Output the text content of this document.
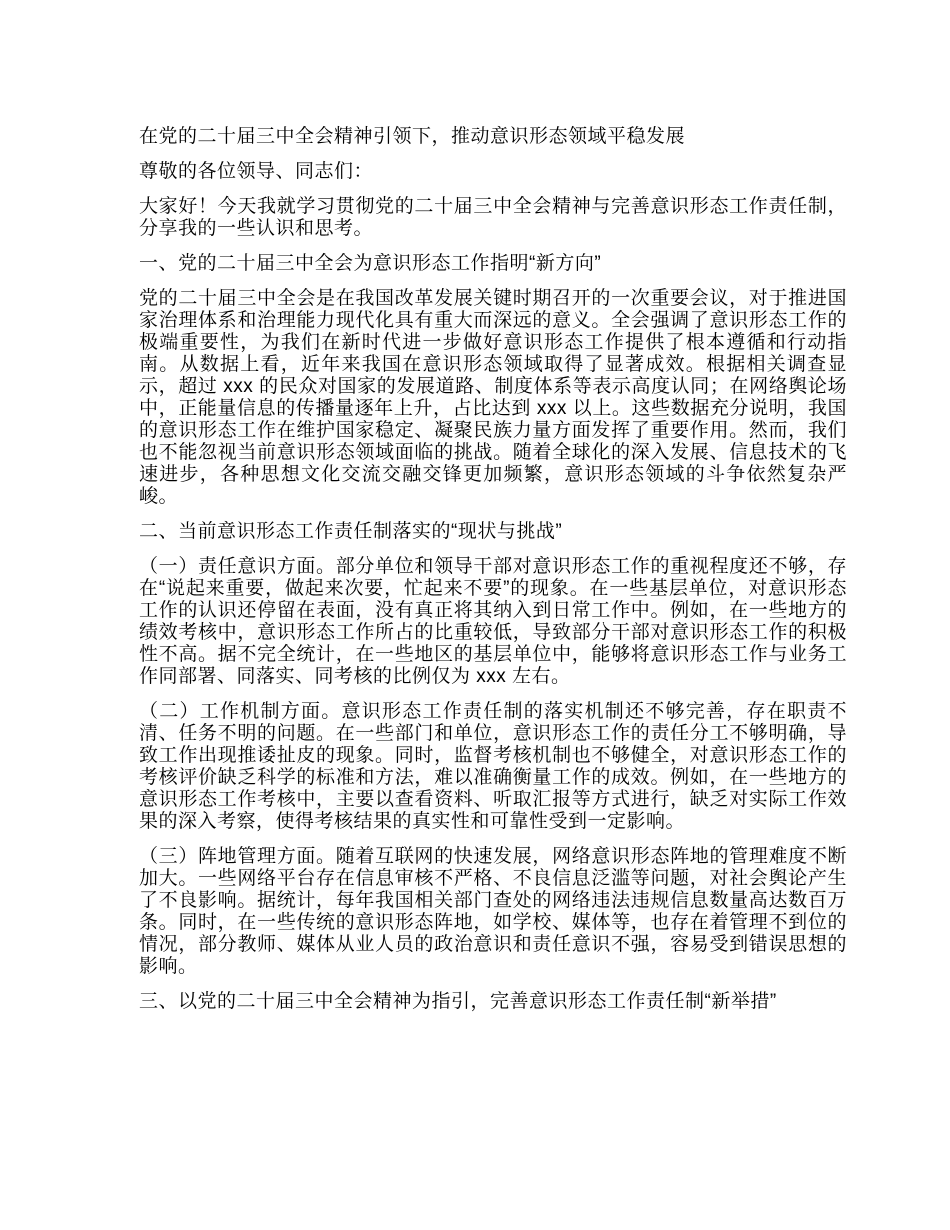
在党的二十届三中全会精神引领下，推动意识形态领域平稳发展

尊敬的各位领导、同志们：

大家好！今天我就学习贯彻党的二十届三中全会精神与完善意识形态工作责任制，分享我的一些认识和思考。

一、党的二十届三中全会为意识形态工作指明“新方向”

党的二十届三中全会是在我国改革发展关键时期召开的一次重要会议，对于推进国家治理体系和治理能力现代化具有重大而深远的意义。全会强调了意识形态工作的极端重要性，为我们在新时代进一步做好意识形态工作提供了根本遵循和行动指南。从数据上看，近年来我国在意识形态领域取得了显著成效。根据相关调查显示，超过 xxx 的民众对国家的发展道路、制度体系等表示高度认同；在网络舆论场中，正能量信息的传播量逐年上升，占比达到 xxx 以上。这些数据充分说明，我国的意识形态工作在维护国家稳定、凝聚民族力量方面发挥了重要作用。然而，我们也不能忽视当前意识形态领域面临的挑战。随着全球化的深入发展、信息技术的飞速进步，各种思想文化交流交融交锋更加频繁，意识形态领域的斗争依然复杂严峻。

二、当前意识形态工作责任制落实的“现状与挑战”

（一）责任意识方面。部分单位和领导干部对意识形态工作的重视程度还不够，存在“说起来重要，做起来次要，忙起来不要”的现象。在一些基层单位，对意识形态工作的认识还停留在表面，没有真正将其纳入到日常工作中。例如，在一些地方的绩效考核中，意识形态工作所占的比重较低，导致部分干部对意识形态工作的积极性不高。据不完全统计，在一些地区的基层单位中，能够将意识形态工作与业务工作同部署、同落实、同考核的比例仅为 xxx 左右。

（二）工作机制方面。意识形态工作责任制的落实机制还不够完善，存在职责不清、任务不明的问题。在一些部门和单位，意识形态工作的责任分工不够明确，导致工作出现推诿扯皮的现象。同时，监督考核机制也不够健全，对意识形态工作的考核评价缺乏科学的标准和方法，难以准确衡量工作的成效。例如，在一些地方的意识形态工作考核中，主要以查看资料、听取汇报等方式进行，缺乏对实际工作效果的深入考察，使得考核结果的真实性和可靠性受到一定影响。

（三）阵地管理方面。随着互联网的快速发展，网络意识形态阵地的管理难度不断加大。一些网络平台存在信息审核不严格、不良信息泛滥等问题，对社会舆论产生了不良影响。据统计，每年我国相关部门查处的网络违法违规信息数量高达数百万条。同时，在一些传统的意识形态阵地，如学校、媒体等，也存在着管理不到位的情况，部分教师、媒体从业人员的政治意识和责任意识不强，容易受到错误思想的影响。

三、以党的二十届三中全会精神为指引，完善意识形态工作责任制“新举措”
